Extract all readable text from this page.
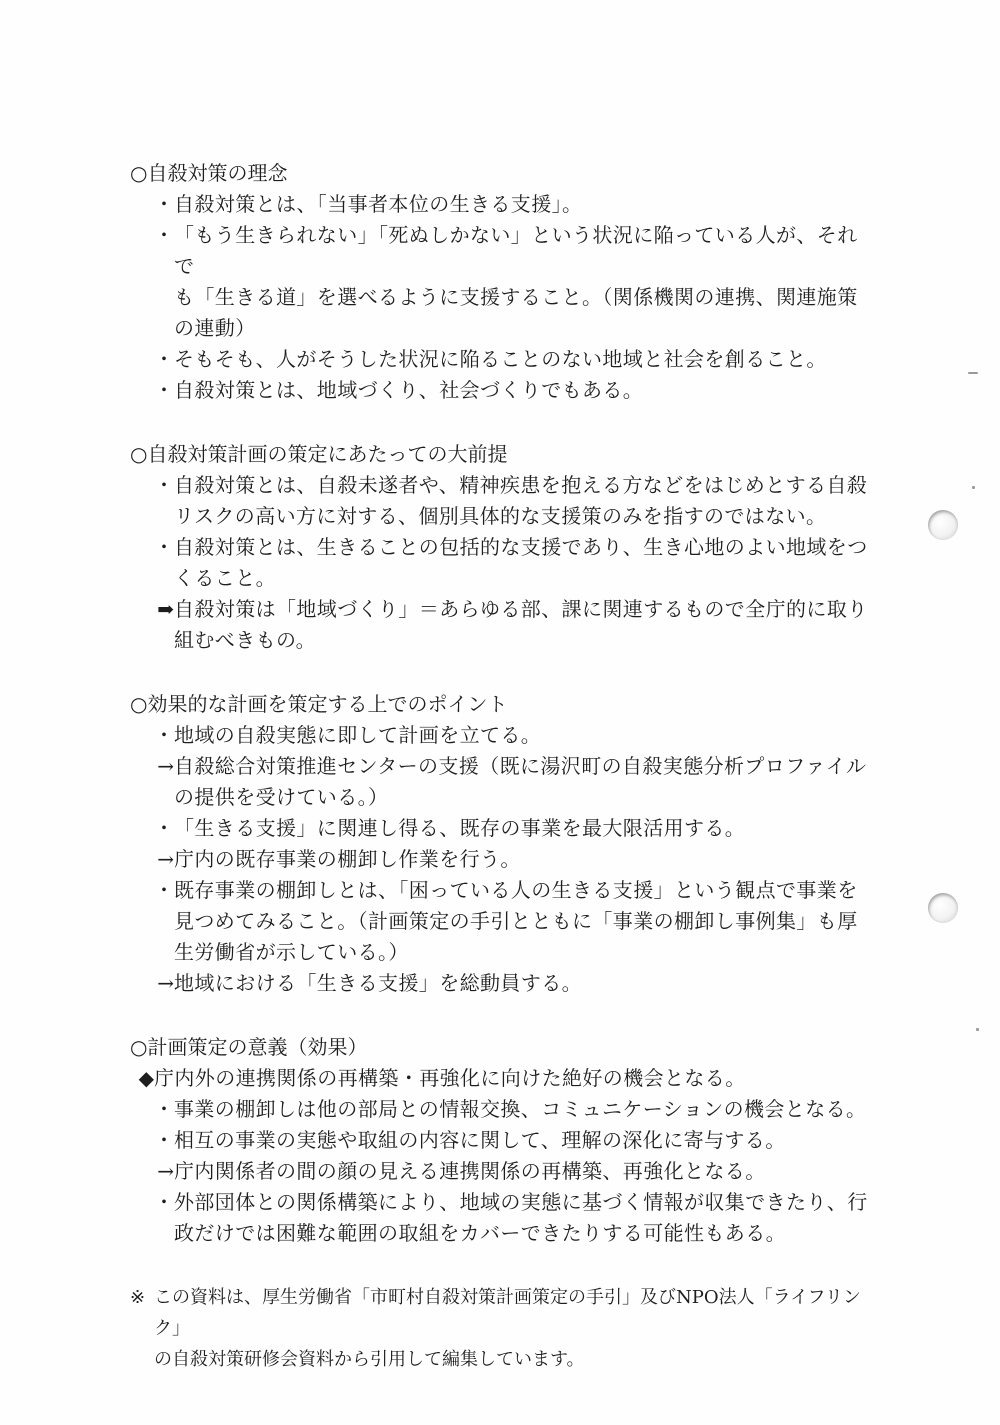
○自殺対策の理念
・ 自殺対策とは、「当事者本位の生きる支援」。
・ 「もう生きられない」「死ぬしかない」という状況に陥っている人が、それで
も「生きる道」を選べるように支援すること。（関係機関の連携、関連施策
の連動）
・ そもそも、人がそうした状況に陥ることのない地域と社会を創ること。
・ 自殺対策とは、地域づくり、社会づくりでもある。
○自殺対策計画の策定にあたっての大前提
・ 自殺対策とは、自殺未遂者や、精神疾患を抱える方などをはじめとする自殺
リスクの高い方に対する、個別具体的な支援策のみを指すのではない。
・ 自殺対策とは、生きることの包括的な支援であり、生き心地のよい地域をつ
くること。
➡ 自殺対策は「地域づくり」＝あらゆる部、課に関連するもので全庁的に取り
組むべきもの。
○効果的な計画を策定する上でのポイント
・ 地域の自殺実態に即して計画を立てる。
→ 自殺総合対策推進センターの支援（既に湯沢町の自殺実態分析プロファイル
の提供を受けている。）
・ 「生きる支援」に関連し得る、既存の事業を最大限活用する。
→ 庁内の既存事業の棚卸し作業を行う。
・ 既存事業の棚卸しとは、「困っている人の生きる支援」という観点で事業を
見つめてみること。（計画策定の手引とともに「事業の棚卸し事例集」も厚
生労働省が示している。）
→ 地域における「生きる支援」を総動員する。
○計画策定の意義（効果）
◆ 庁内外の連携関係の再構築・再強化に向けた絶好の機会となる。
・ 事業の棚卸しは他の部局との情報交換、コミュニケーションの機会となる。
・ 相互の事業の実態や取組の内容に関して、理解の深化に寄与する。
→ 庁内関係者の間の顔の見える連携関係の再構築、再強化となる。
・ 外部団体との関係構築により、地域の実態に基づく情報が収集できたり、行
政だけでは困難な範囲の取組をカバーできたりする可能性もある。
※ この資料は、厚生労働省「市町村自殺対策計画策定の手引」及びNPO法人「ライフリンク」
の自殺対策研修会資料から引用して編集しています。
